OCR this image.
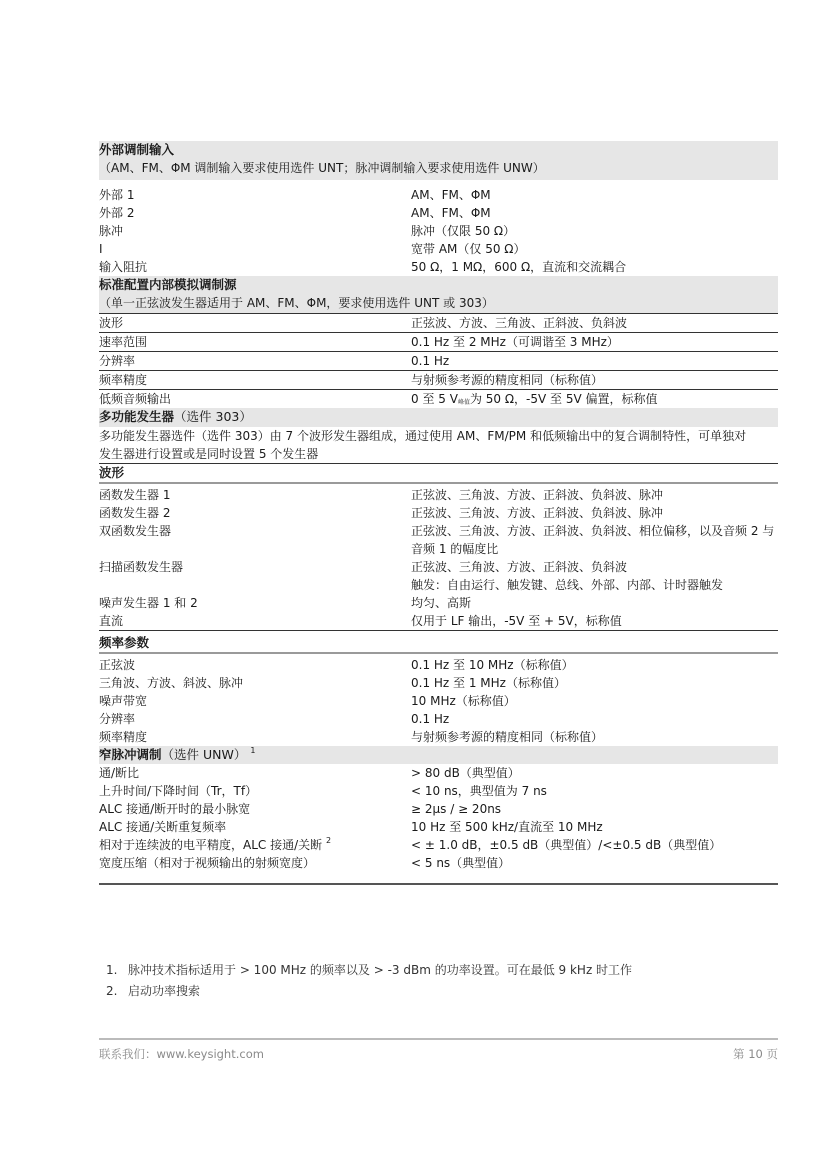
外部调制输入
（AM、FM、ΦM 调制输入要求使用选件 UNT；脉冲调制输入要求使用选件 UNW）
外部 1	AM、FM、ΦM
外部 2	AM、FM、ΦM
脉冲	脉冲（仅限 50 Ω）
I	宽带 AM（仅 50 Ω）
输入阻抗	50 Ω，1 MΩ，600 Ω，直流和交流耦合
标准配置内部模拟调制源
（单一正弦波发生器适用于 AM、FM、ΦM，要求使用选件 UNT 或 303）
波形	正弦波、方波、三角波、正斜波、负斜波
速率范围	0.1 Hz 至 2 MHz（可调谐至 3 MHz）
分辨率	0.1 Hz
频率精度	与射频参考源的精度相同（标称值）
低频音频输出	0 至 5 V峰值为 50 Ω，-5V 至 5V 偏置，标称值
多功能发生器（选件 303）
多功能发生器选件（选件 303）由 7 个波形发生器组成，通过使用 AM、FM/PM 和低频输出中的复合调制特性，可单独对发生器进行设置或是同时设置 5 个发生器
波形
函数发生器 1	正弦波、三角波、方波、正斜波、负斜波、脉冲
函数发生器 2	正弦波、三角波、方波、正斜波、负斜波、脉冲
双函数发生器	正弦波、三角波、方波、正斜波、负斜波、相位偏移，以及音频 2 与音频 1 的幅度比
扫描函数发生器	正弦波、三角波、方波、正斜波、负斜波
触发：自由运行、触发键、总线、外部、内部、计时器触发
噪声发生器 1 和 2	均匀、高斯
直流	仅用于 LF 输出，-5V 至 + 5V，标称值
频率参数
正弦波	0.1 Hz 至 10 MHz（标称值）
三角波、方波、斜波、脉冲	0.1 Hz 至 1 MHz（标称值）
噪声带宽	10 MHz（标称值）
分辨率	0.1 Hz
频率精度	与射频参考源的精度相同（标称值）
窄脉冲调制（选件 UNW） $^1$
通/断比	> 80 dB（典型值）
上升时间/下降时间（Tr，Tf）	< 10 ns，典型值为 7 ns
ALC 接通/断开时的最小脉宽	≥ 2μs / ≥ 20ns
ALC 接通/关断重复频率	10 Hz 至 500 kHz/直流至 10 MHz
相对于连续波的电平精度，ALC 接通/关断 $^2$	< ± 1.0 dB，±0.5 dB（典型值）/<±0.5 dB（典型值）
宽度压缩（相对于视频输出的射频宽度）	< 5 ns（典型值）
1. 脉冲技术指标适用于 > 100 MHz 的频率以及 > -3 dBm 的功率设置。可在最低 9 kHz 时工作
2. 启动功率搜索
联系我们：www.keysight.com	第 10 页
